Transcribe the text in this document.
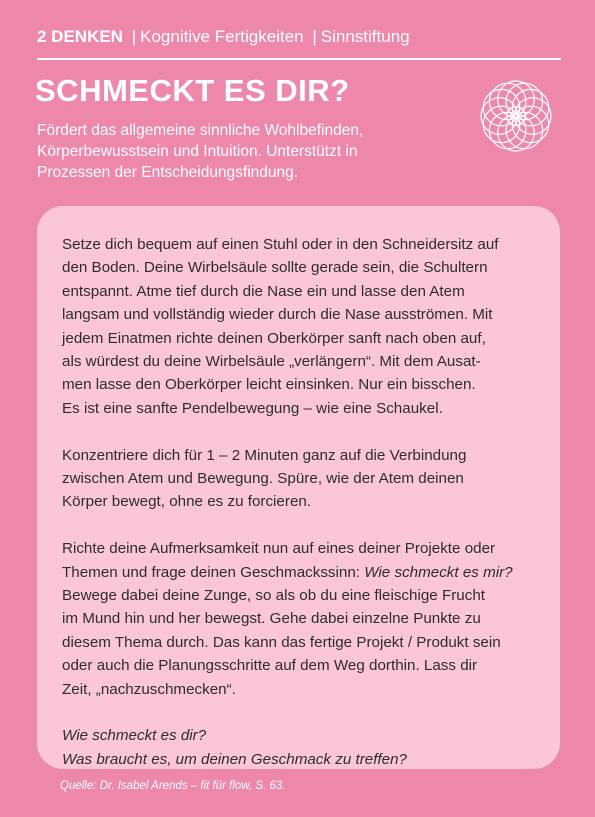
2 DENKEN | Kognitive Fertigkeiten | Sinnstiftung
SCHMECKT ES DIR?
Fördert das allgemeine sinnliche Wohlbefinden,
Körperbewusstsein und Intuition. Unterstützt in
Prozessen der Entscheidungsfindung.
Setze dich bequem auf einen Stuhl oder in den Schneidersitz auf
den Boden. Deine Wirbelsäule sollte gerade sein, die Schultern
entspannt. Atme tief durch die Nase ein und lasse den Atem
langsam und vollständig wieder durch die Nase ausströmen. Mit
jedem Einatmen richte deinen Oberkörper sanft nach oben auf,
als würdest du deine Wirbelsäule „verlängern“. Mit dem Ausat-
men lasse den Oberkörper leicht einsinken. Nur ein bisschen.
Es ist eine sanfte Pendelbewegung – wie eine Schaukel.
Konzentriere dich für 1 – 2 Minuten ganz auf die Verbindung
zwischen Atem und Bewegung. Spüre, wie der Atem deinen
Körper bewegt, ohne es zu forcieren.
Richte deine Aufmerksamkeit nun auf eines deiner Projekte oder
Themen und frage deinen Geschmackssinn: Wie schmeckt es mir?
Bewege dabei deine Zunge, so als ob du eine fleischige Frucht
im Mund hin und her bewegst. Gehe dabei einzelne Punkte zu
diesem Thema durch. Das kann das fertige Projekt / Produkt sein
oder auch die Planungsschritte auf dem Weg dorthin. Lass dir
Zeit, „nachzuschmecken“.
Wie schmeckt es dir?
Was braucht es, um deinen Geschmack zu treffen?
Quelle: Dr. Isabel Arends – fit für flow, S. 63.
